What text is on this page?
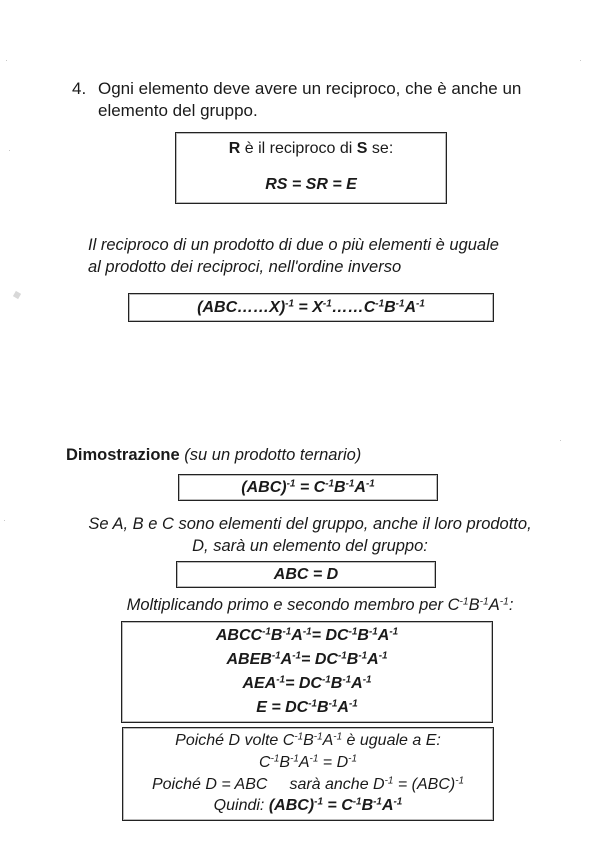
4. Ogni elemento deve avere un reciproco, che è anche un elemento del gruppo.
R è il reciproco di S se:
RS = SR = E
Il reciproco di un prodotto di due o più elementi è uguale
al prodotto dei reciproci, nell'ordine inverso
(ABC……X)$^{-1}$ = $X^{-1}\dots\dots C^{-1}B^{-1}A^{-1}$
Dimostrazione (su un prodotto ternario)
$(ABC)^{-1} = C^{-1}B^{-1}A^{-1}$
Se A, B e C sono elementi del gruppo, anche il loro prodotto,
D, sarà un elemento del gruppo:
ABC = D
Moltiplicando primo e secondo membro per $C^{-1}B^{-1}A^{-1}$:
$ABCC^{-1}B^{-1}A^{-1}= DC^{-1}B^{-1}A^{-1}$
$ABEB^{-1}A^{-1}= DC^{-1}B^{-1}A^{-1}$
$AEA^{-1}= DC^{-1}B^{-1}A^{-1}$
$E = DC^{-1}B^{-1}A^{-1}$
Poiché D volte $C^{-1}B^{-1}A^{-1}$ è uguale a E:
$C^{-1}B^{-1}A^{-1} = D^{-1}$
Poiché D = ABC sarà anche $D^{-1} = (ABC)^{-1}$
Quindi: $(ABC)^{-1} = C^{-1}B^{-1}A^{-1}$
